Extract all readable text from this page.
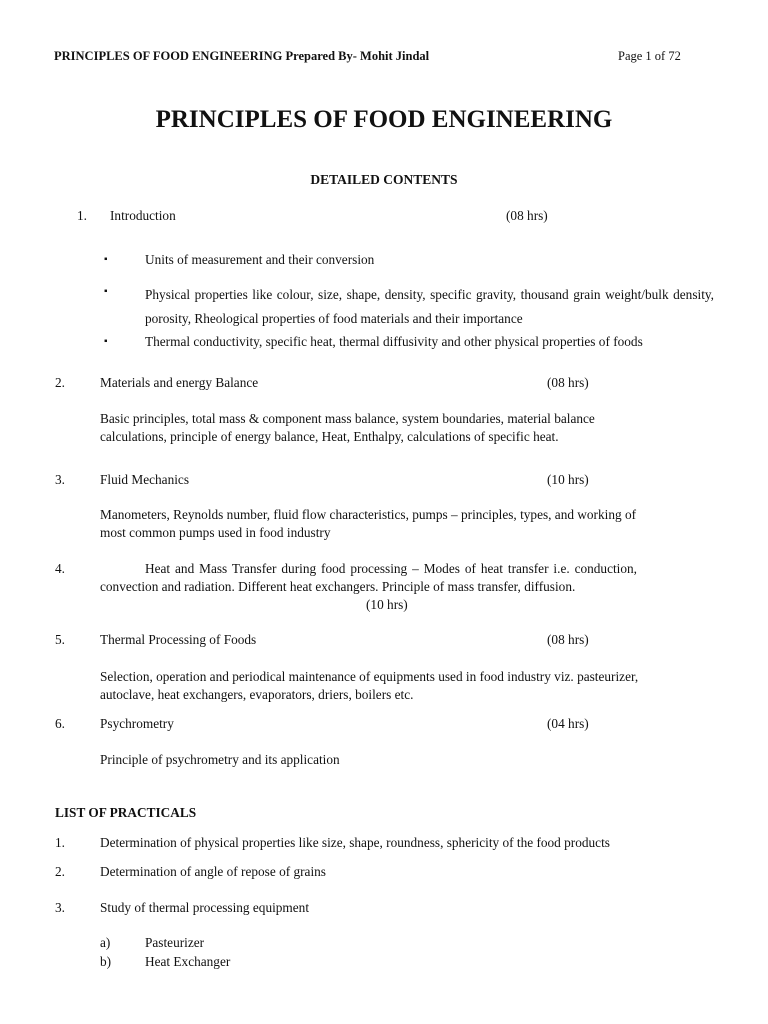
PRINCIPLES OF FOOD ENGINEERING Prepared By- Mohit Jindal	Page 1 of 72
PRINCIPLES OF FOOD ENGINEERING
DETAILED CONTENTS
1. Introduction	(08 hrs)
▪	Units of measurement and their conversion
▪	Physical properties like colour, size, shape, density, specific gravity, thousand grain weight/bulk density, porosity, Rheological properties of food materials and their importance
▪	Thermal conductivity, specific heat, thermal diffusivity and other physical properties of foods
2.	Materials and energy Balance	(08 hrs)
Basic principles, total mass & component mass balance, system boundaries, material balance
calculations, principle of energy balance, Heat, Enthalpy, calculations of specific heat.
3.	Fluid Mechanics	(10 hrs)
Manometers, Reynolds number, fluid flow characteristics, pumps – principles, types, and working of
most common pumps used in food industry
4.	Heat and Mass Transfer during food processing – Modes of heat transfer i.e. conduction,
convection and radiation. Different heat exchangers. Principle of mass transfer, diffusion.
(10 hrs)
5.	Thermal Processing of Foods	(08 hrs)
Selection, operation and periodical maintenance of equipments used in food industry viz. pasteurizer,
autoclave, heat exchangers, evaporators, driers, boilers etc.
6.	Psychrometry	(04 hrs)
Principle of psychrometry and its application
LIST OF PRACTICALS
1.	Determination of physical properties like size, shape, roundness, sphericity of the food products
2.	Determination of angle of repose of grains
3.	Study of thermal processing equipment
a)	Pasteurizer
b)	Heat Exchanger
